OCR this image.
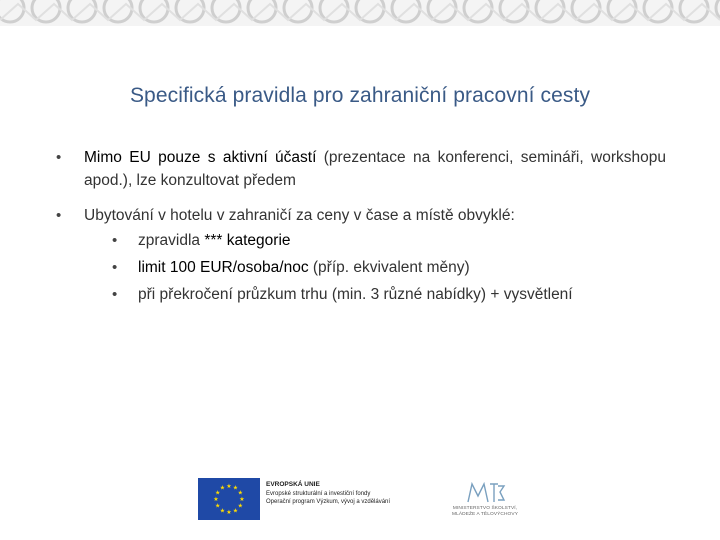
Specifická pravidla pro zahraniční pracovní cesty
• Mimo EU pouze s aktivní účastí (prezentace na konferenci, semináři, workshopu apod.), lze konzultovat předem
• Ubytování v hotelu v zahraničí za ceny v čase a místě obvyklé:
• zpravidla *** kategorie
• limit 100 EUR/osoba/noc (příp. ekvivalent měny)
• při překročení průzkum trhu (min. 3 různé nabídky) + vysvětlení
★ ★
★
★
★
★
★
★
★
★
★
★
EVROPSKÁ UNIE
Evropské strukturální a investiční fondy
Operační program Výzkum, vývoj a vzdělávání
MINISTERSTVO ŠKOLSTVÍ,
MLÁDEŽE A TĚLOVÝCHOVY
